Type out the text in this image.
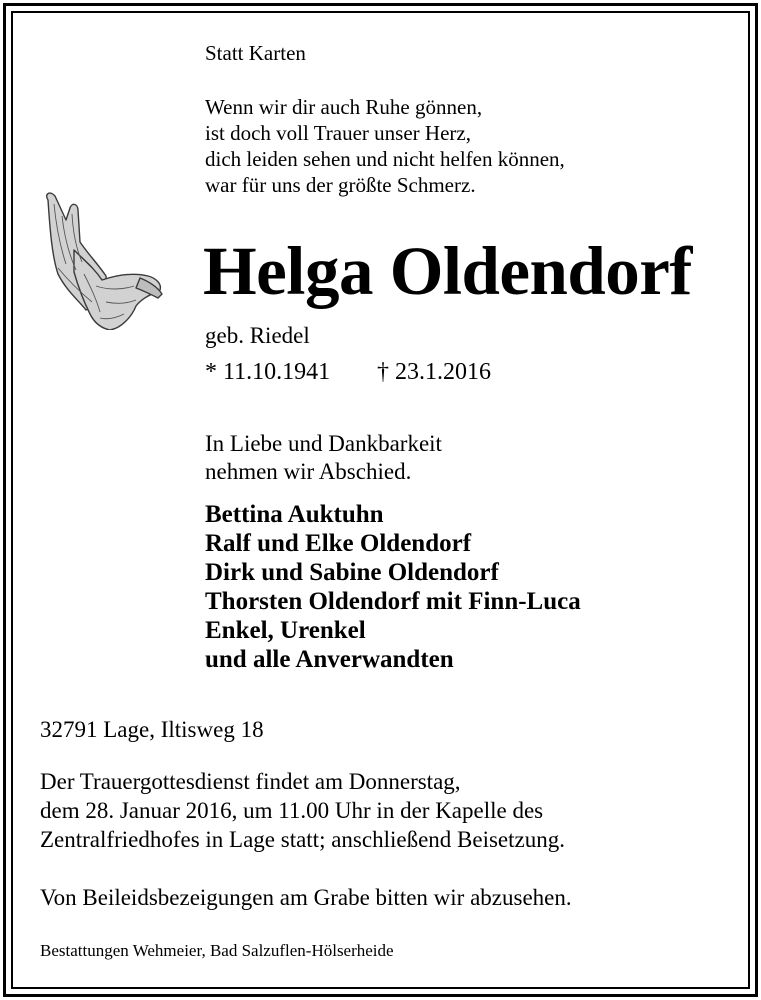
Statt Karten
Wenn wir dir auch Ruhe gönnen,
ist doch voll Trauer unser Herz,
dich leiden sehen und nicht helfen können,
war für uns der größte Schmerz.
Helga Oldendorf
geb. Riedel
* 11.10.1941 † 23.1.2016
In Liebe und Dankbarkeit
nehmen wir Abschied.
Bettina Auktuhn
Ralf und Elke Oldendorf
Dirk und Sabine Oldendorf
Thorsten Oldendorf mit Finn-Luca
Enkel, Urenkel
und alle Anverwandten
32791 Lage, Iltisweg 18
Der Trauergottesdienst findet am Donnerstag,
dem 28. Januar 2016, um 11.00 Uhr in der Kapelle des
Zentralfriedhofes in Lage statt; anschließend Beisetzung.
Von Beileidsbezeigungen am Grabe bitten wir abzusehen.
Bestattungen Wehmeier, Bad Salzuflen-Hölserheide
